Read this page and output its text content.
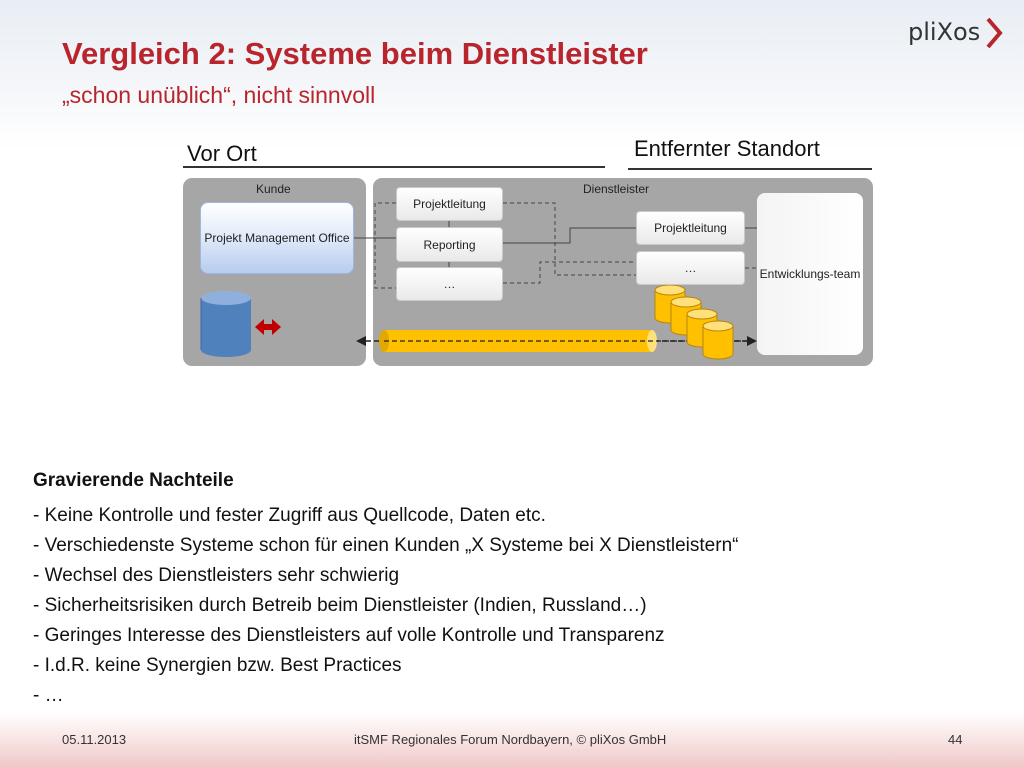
Vergleich 2: Systeme beim Dienstleister
„schon unüblich“, nicht sinnvoll
pliXos
Vor Ort	Entfernter Standort
Kunde	Dienstleister
Projekt Management Office
Projektleitung
Reporting
…
Projektleitung
…	Entwicklungs-team
Gravierende Nachteile
- Keine Kontrolle und fester Zugriff aus Quellcode, Daten etc.
- Verschiedenste Systeme schon für einen Kunden „X Systeme bei X Dienstleistern“
- Wechsel des Dienstleisters sehr schwierig
- Sicherheitsrisiken durch Betreib beim Dienstleister (Indien, Russland…)
- Geringes Interesse des Dienstleisters auf volle Kontrolle und Transparenz
- I.d.R. keine Synergien bzw. Best Practices
- …
05.11.2013	itSMF Regionales Forum Nordbayern, © pliXos GmbH	44
